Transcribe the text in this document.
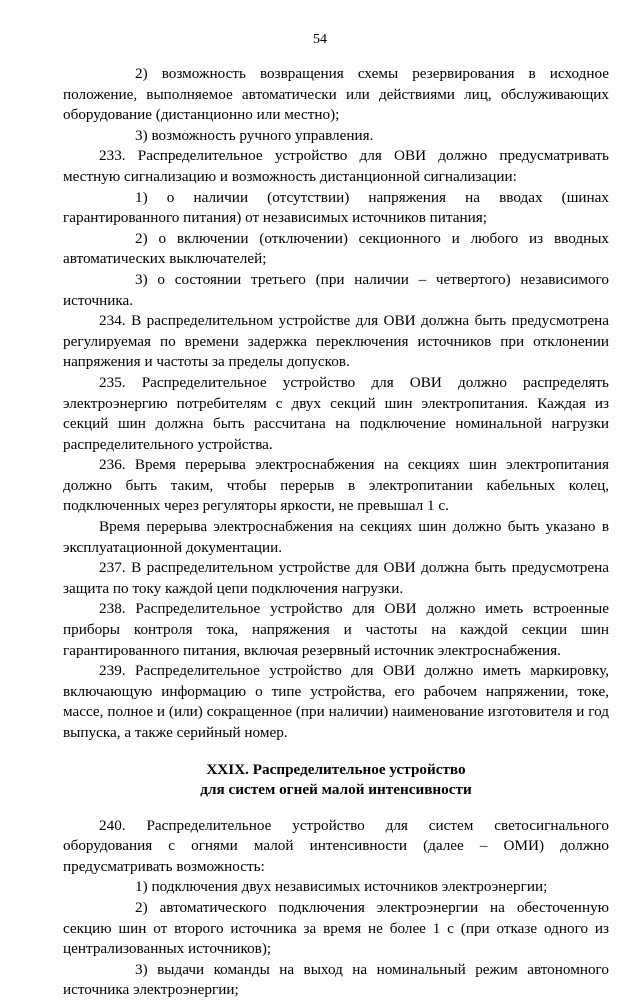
54

2) возможность возвращения схемы резервирования в исходное положение, выполняемое автоматически или действиями лиц, обслуживающих оборудование (дистанционно или местно);

3) возможность ручного управления.

233. Распределительное устройство для ОВИ должно предусматривать местную сигнализацию и возможность дистанционной сигнализации:

1) о наличии (отсутствии) напряжения на вводах (шинах гарантированного питания) от независимых источников питания;

2) о включении (отключении) секционного и любого из вводных автоматических выключателей;

3) о состоянии третьего (при наличии – четвертого) независимого источника.

234. В распределительном устройстве для ОВИ должна быть предусмотрена регулируемая по времени задержка переключения источников при отклонении напряжения и частоты за пределы допусков.

235. Распределительное устройство для ОВИ должно распределять электроэнергию потребителям с двух секций шин электропитания. Каждая из секций шин должна быть рассчитана на подключение номинальной нагрузки распределительного устройства.

236. Время перерыва электроснабжения на секциях шин электропитания должно быть таким, чтобы перерыв в электропитании кабельных колец, подключенных через регуляторы яркости, не превышал 1 с.

Время перерыва электроснабжения на секциях шин должно быть указано в эксплуатационной документации.

237. В распределительном устройстве для ОВИ должна быть предусмотрена защита по току каждой цепи подключения нагрузки.

238. Распределительное устройство для ОВИ должно иметь встроенные приборы контроля тока, напряжения и частоты на каждой секции шин гарантированного питания, включая резервный источник электроснабжения.

239. Распределительное устройство для ОВИ должно иметь маркировку, включающую информацию о типе устройства, его рабочем напряжении, токе, массе, полное и (или) сокращенное (при наличии) наименование изготовителя и год выпуска, а также серийный номер.

XXIX. Распределительное устройство
для систем огней малой интенсивности

240. Распределительное устройство для систем светосигнального оборудования с огнями малой интенсивности (далее – ОМИ) должно предусматривать возможность:

1) подключения двух независимых источников электроэнергии;

2) автоматического подключения электроэнергии на обесточенную секцию шин от второго источника за время не более 1 с (при отказе одного из централизованных источников);

3) выдачи команды на выход на номинальный режим автономного источника электроэнергии;
